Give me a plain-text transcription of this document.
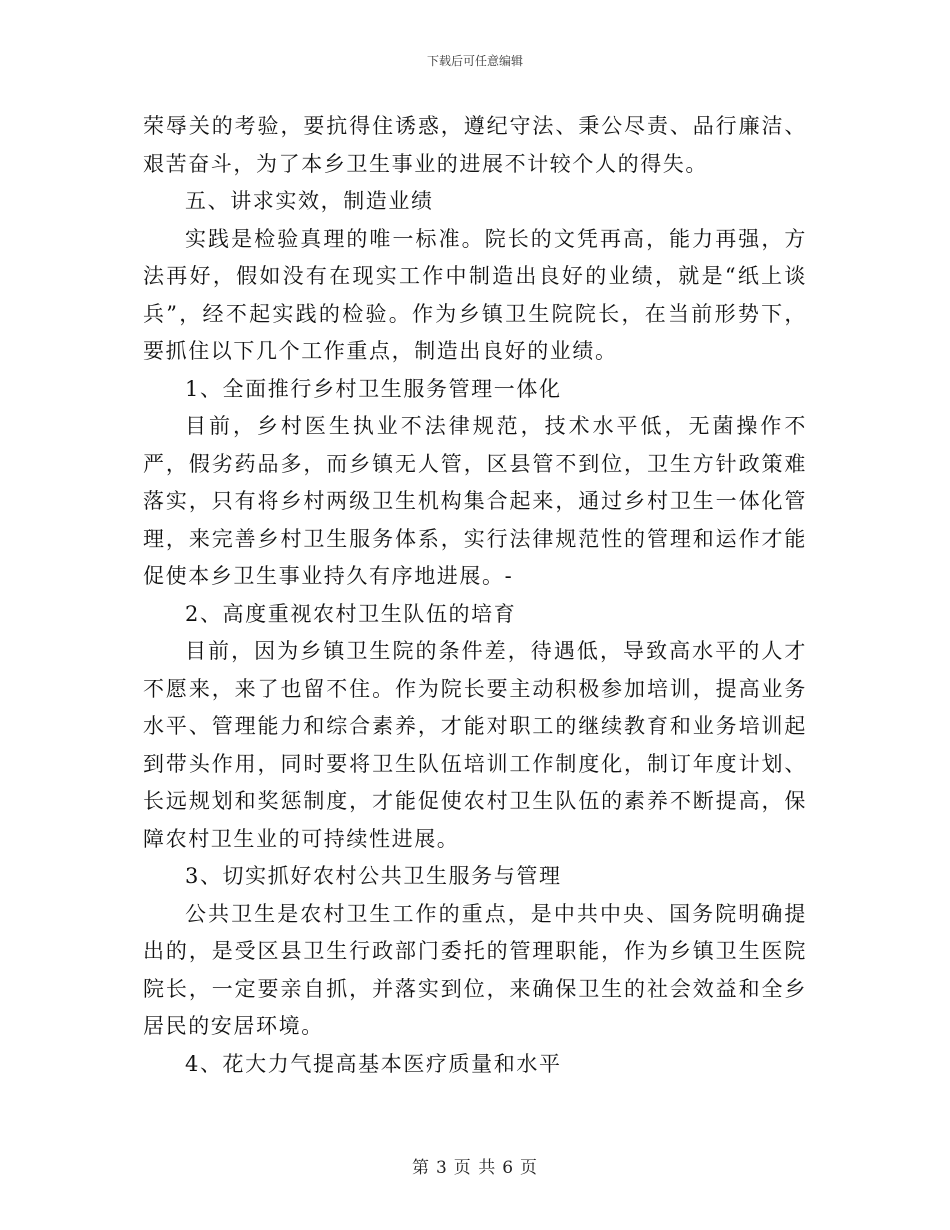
下载后可任意编辑

荣辱关的考验，要抗得住诱惑，遵纪守法、秉公尽责、品行廉洁、艰苦奋斗，为了本乡卫生事业的进展不计较个人的得失。

五、讲求实效，制造业绩

实践是检验真理的唯一标准。院长的文凭再高，能力再强，方法再好，假如没有在现实工作中制造出良好的业绩，就是“纸上谈兵”，经不起实践的检验。作为乡镇卫生院院长，在当前形势下，要抓住以下几个工作重点，制造出良好的业绩。

1、全面推行乡村卫生服务管理一体化

目前，乡村医生执业不法律规范，技术水平低，无菌操作不严，假劣药品多，而乡镇无人管，区县管不到位，卫生方针政策难落实，只有将乡村两级卫生机构集合起来，通过乡村卫生一体化管理，来完善乡村卫生服务体系，实行法律规范性的管理和运作才能促使本乡卫生事业持久有序地进展。-

2、高度重视农村卫生队伍的培育

目前，因为乡镇卫生院的条件差，待遇低，导致高水平的人才不愿来，来了也留不住。作为院长要主动积极参加培训，提高业务水平、管理能力和综合素养，才能对职工的继续教育和业务培训起到带头作用，同时要将卫生队伍培训工作制度化，制订年度计划、长远规划和奖惩制度，才能促使农村卫生队伍的素养不断提高，保障农村卫生业的可持续性进展。

3、切实抓好农村公共卫生服务与管理

公共卫生是农村卫生工作的重点，是中共中央、国务院明确提出的，是受区县卫生行政部门委托的管理职能，作为乡镇卫生医院院长，一定要亲自抓，并落实到位，来确保卫生的社会效益和全乡居民的安居环境。

4、花大力气提高基本医疗质量和水平

第 3 页 共 6 页
